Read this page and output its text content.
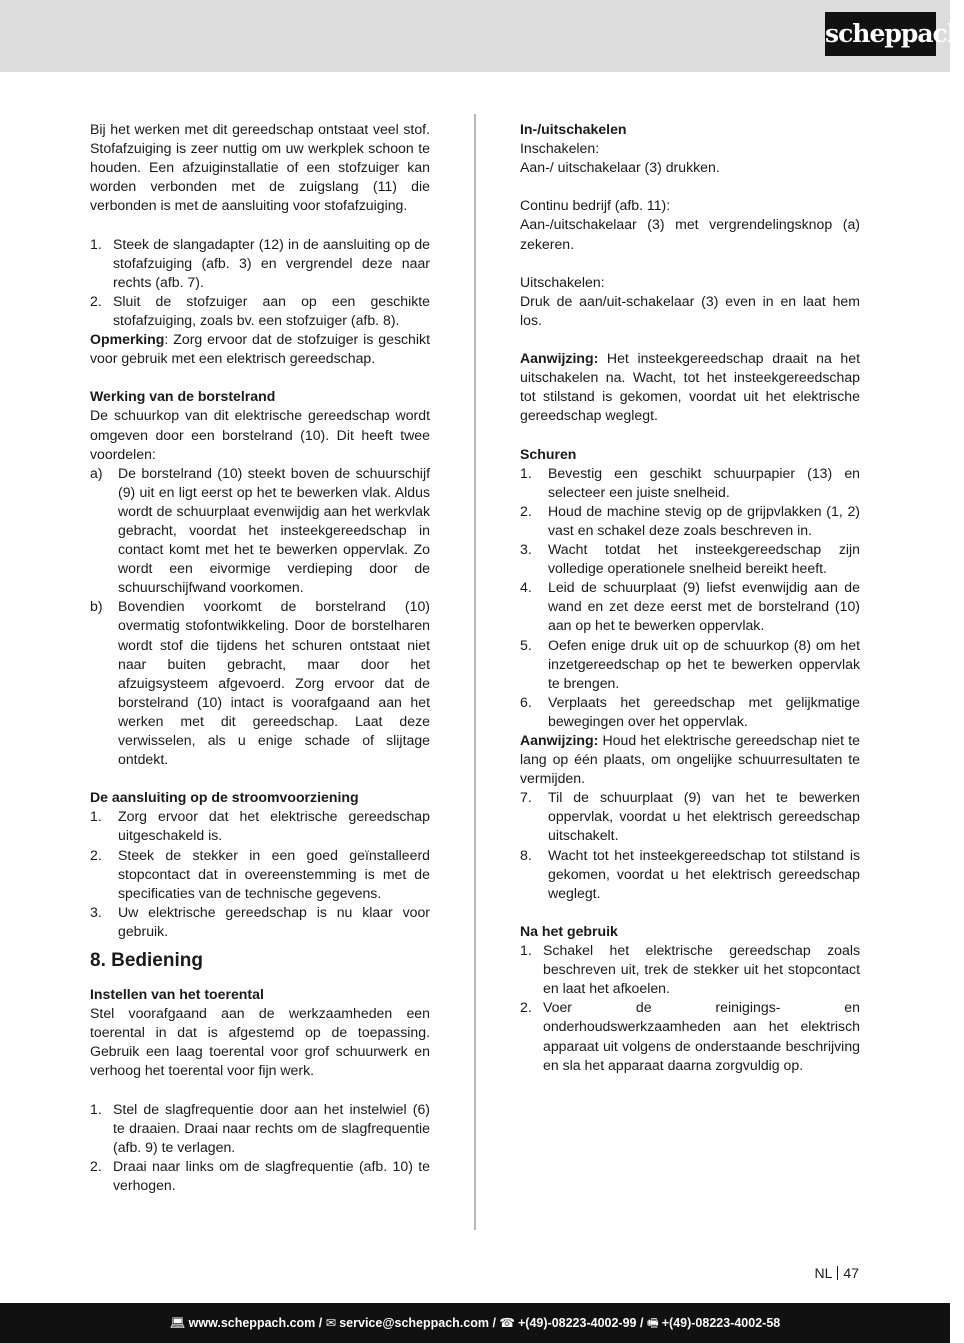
scheppach

Bij het werken met dit gereedschap ontstaat veel stof. Stofafzuiging is zeer nuttig om uw werkplek schoon te houden. Een afzuiginstallatie of een stofzuiger kan worden verbonden met de zuigslang (11) die verbonden is met de aansluiting voor stofafzuiging.

1. Steek de slangadapter (12) in de aansluiting op de stofafzuiging (afb. 3) en vergrendel deze naar rechts (afb. 7).
2. Sluit de stofzuiger aan op een geschikte stofafzuiging, zoals bv. een stofzuiger (afb. 8).

Opmerking: Zorg ervoor dat de stofzuiger is geschikt voor gebruik met een elektrisch gereedschap.

Werking van de borstelrand

De schuurkop van dit elektrische gereedschap wordt omgeven door een borstelrand (10). Dit heeft twee voordelen:

a) De borstelrand (10) steekt boven de schuurschijf (9) uit en ligt eerst op het te bewerken vlak. Aldus wordt de schuurplaat evenwijdig aan het werkvlak gebracht, voordat het insteekgereedschap in contact komt met het te bewerken oppervlak. Zo wordt een eivormige verdieping door de schuurschijfwand voorkomen.
b) Bovendien voorkomt de borstelrand (10) overmatig stofontwikkeling. Door de borstelharen wordt stof die tijdens het schuren ontstaat niet naar buiten gebracht, maar door het afzuigsysteem afgevoerd. Zorg ervoor dat de borstelrand (10) intact is voorafgaand aan het werken met dit gereedschap. Laat deze verwisselen, als u enige schade of slijtage ontdekt.

De aansluiting op de stroomvoorziening

1. Zorg ervoor dat het elektrische gereedschap uitgeschakeld is.
2. Steek de stekker in een goed geïnstalleerd stopcontact dat in overeenstemming is met de specificaties van de technische gegevens.
3. Uw elektrische gereedschap is nu klaar voor gebruik.
8. Bediening

Instellen van het toerental

Stel voorafgaand aan de werkzaamheden een toerental in dat is afgestemd op de toepassing. Gebruik een laag toerental voor grof schuurwerk en verhoog het toerental voor fijn werk.

1. Stel de slagfrequentie door aan het instelwiel (6) te draaien. Draai naar rechts om de slagfrequentie (afb. 9) te verlagen.
2. Draai naar links om de slagfrequentie (afb. 10) te verhogen.

In-/uitschakelen

Inschakelen:

Aan-/ uitschakelaar (3) drukken.

Continu bedrijf (afb. 11):

Aan-/uitschakelaar (3) met vergrendelingsknop (a) zekeren.

Uitschakelen:

Druk de aan/uit-schakelaar (3) even in en laat hem los.

Aanwijzing: Het insteekgereedschap draait na het uitschakelen na. Wacht, tot het insteekgereedschap tot stilstand is gekomen, voordat uit het elektrische gereedschap weglegt.

Schuren

1. Bevestig een geschikt schuurpapier (13) en selecteer een juiste snelheid.
2. Houd de machine stevig op de grijpvlakken (1, 2) vast en schakel deze zoals beschreven in.
3. Wacht totdat het insteekgereedschap zijn volledige operationele snelheid bereikt heeft.
4. Leid de schuurplaat (9) liefst evenwijdig aan de wand en zet deze eerst met de borstelrand (10) aan op het te bewerken oppervlak.
5. Oefen enige druk uit op de schuurkop (8) om het inzetgereedschap op het te bewerken oppervlak te brengen.
6. Verplaats het gereedschap met gelijkmatige bewegingen over het oppervlak.

Aanwijzing: Houd het elektrische gereedschap niet te lang op één plaats, om ongelijke schuurresultaten te vermijden.

7. Til de schuurplaat (9) van het te bewerken oppervlak, voordat u het elektrisch gereedschap uitschakelt.
8. Wacht tot het insteekgereedschap tot stilstand is gekomen, voordat u het elektrisch gereedschap weglegt.

Na het gebruik

1. Schakel het elektrische gereedschap zoals beschreven uit, trek de stekker uit het stopcontact en laat het afkoelen.
2. Voer de reinigings- en onderhoudswerkzaamheden aan het elektrisch apparaat uit volgens de onderstaande beschrijving en sla het apparaat daarna zorgvuldig op.
NL 47
💻︎ www.scheppach.com / ✉ service@scheppach.com / ☎ +(49)-08223-4002-99 / 🖷︎ +(49)-08223-4002-58
